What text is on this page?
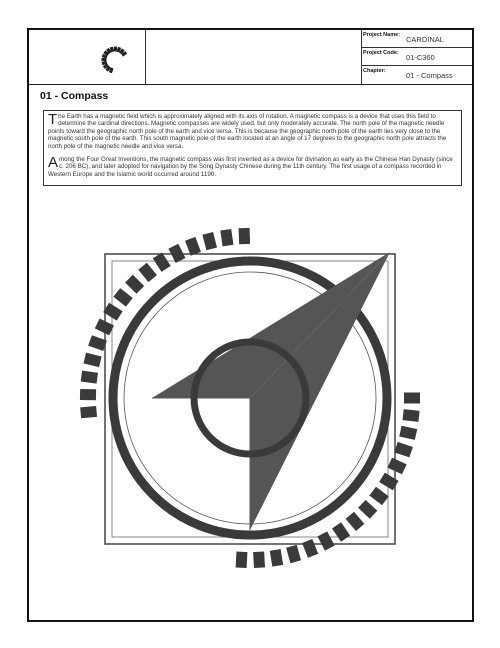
Project Name: CARDINAL
Project Code: 01-C360
Chapter:	01 - Compass
01 - Compass

The Earth has a magnetic field which is approximately aligned with its axis of rotation. A magnetic compass is a device that uses this field to determine the cardinal directions. Magnetic compasses are widely used, but only moderately accurate. The north pole of the magnetic needle points toward the geographic north pole of the earth and vice versa. This is because the geographic north pole of the earth lies very close to the magnetic south pole of the earth. This south magnetic pole of the earth located at an angle of 17 degrees to the geographic north pole attracts the north pole of the magnetic needle and vice versa.

Among the Four Great Inventions, the magnetic compass was first invented as a device for divination as early as the Chinese Han Dynasty (since c. 206 BC), and later adopted for navigation by the Song Dynasty Chinese during the 11th century. The first usage of a compass recorded in Western Europe and the Islamic world occurred around 1190.
